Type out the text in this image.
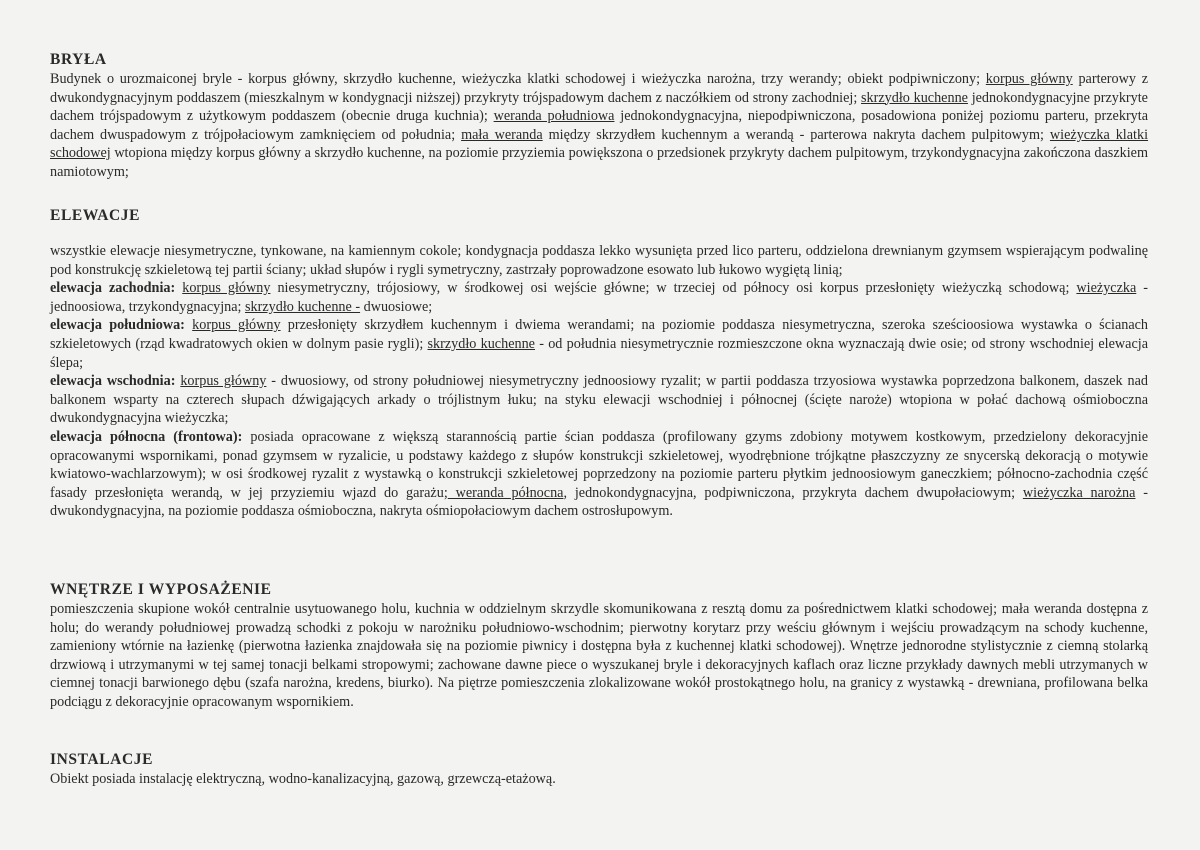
BRYŁA

Budynek o urozmaiconej bryle - korpus główny, skrzydło kuchenne, wieżyczka klatki schodowej i wieżyczka narożna, trzy werandy; obiekt podpiwniczony; korpus główny parterowy z dwukondygnacyjnym poddaszem (mieszkalnym w kondygnacji niższej) przykryty trójspadowym dachem z naczółkiem od strony zachodniej; skrzydło kuchenne jednokondygnacyjne przykryte dachem trójspadowym z użytkowym poddaszem (obecnie druga kuchnia); weranda południowa jednokondygnacyjna, niepodpiwniczona, posadowiona poniżej poziomu parteru, przekryta dachem dwuspadowym z trójpołaciowym zamknięciem od południa; mała weranda między skrzydłem kuchennym a werandą - parterowa nakryta dachem pulpitowym; wieżyczka klatki schodowej wtopiona między korpus główny a skrzydło kuchenne, na poziomie przyziemia powiększona o przedsionek przykryty dachem pulpitowym, trzykondygnacyjna zakończona daszkiem namiotowym;

ELEWACJE

wszystkie elewacje niesymetryczne, tynkowane, na kamiennym cokole; kondygnacja poddasza lekko wysunięta przed lico parteru, oddzielona drewnianym gzymsem wspierającym podwalinę pod konstrukcję szkieletową tej partii ściany; układ słupów i rygli symetryczny, zastrzały poprowadzone esowato lub łukowo wygiętą linią;

elewacja zachodnia: korpus główny niesymetryczny, trójosiowy, w środkowej osi wejście główne; w trzeciej od północy osi korpus przesłonięty wieżyczką schodową; wieżyczka - jednoosiowa, trzykondygnacyjna; skrzydło kuchenne - dwuosiowe;

elewacja południowa: korpus główny przesłonięty skrzydłem kuchennym i dwiema werandami; na poziomie poddasza niesymetryczna, szeroka sześcioosiowa wystawka o ścianach szkieletowych (rząd kwadratowych okien w dolnym pasie rygli); skrzydło kuchenne - od południa niesymetrycznie rozmieszczone okna wyznaczają dwie osie; od strony wschodniej elewacja ślepa;

elewacja wschodnia: korpus główny - dwuosiowy, od strony południowej niesymetryczny jednoosiowy ryzalit; w partii poddasza trzyosiowa wystawka poprzedzona balkonem, daszek nad balkonem wsparty na czterech słupach dźwigających arkady o trójlistnym łuku; na styku elewacji wschodniej i północnej (ścięte naroże) wtopiona w połać dachową ośmioboczna dwukondygnacyjna wieżyczka;

elewacja północna (frontowa): posiada opracowane z większą starannością partie ścian poddasza (profilowany gzyms zdobiony motywem kostkowym, przedzielony dekoracyjnie opracowanymi wspornikami, ponad gzymsem w ryzalicie, u podstawy każdego z słupów konstrukcji szkieletowej, wyodrębnione trójkątne płaszczyzny ze snycerską dekoracją o motywie kwiatowo-wachlarzowym); w osi środkowej ryzalit z wystawką o konstrukcji szkieletowej poprzedzony na poziomie parteru płytkim jednoosiowym ganeczkiem; północno-zachodnia część fasady przesłonięta werandą, w jej przyziemiu wjazd do garażu; weranda północna, jednokondygnacyjna, podpiwniczona, przykryta dachem dwupołaciowym; wieżyczka narożna - dwukondygnacyjna, na poziomie poddasza ośmioboczna, nakryta ośmiopołaciowym dachem ostrosłupowym.

WNĘTRZE I WYPOSAŻENIE

pomieszczenia skupione wokół centralnie usytuowanego holu, kuchnia w oddzielnym skrzydle skomunikowana z resztą domu za pośrednictwem klatki schodowej; mała weranda dostępna z holu; do werandy południowej prowadzą schodki z pokoju w narożniku południowo-wschodnim; pierwotny korytarz przy weściu głównym i wejściu prowadzącym na schody kuchenne, zamieniony wtórnie na łazienkę (pierwotna łazienka znajdowała się na poziomie piwnicy i dostępna była z kuchennej klatki schodowej). Wnętrze jednorodne stylistycznie z ciemną stolarką drzwiową i utrzymanymi w tej samej tonacji belkami stropowymi; zachowane dawne piece o wyszukanej bryle i dekoracyjnych kaflach oraz liczne przykłady dawnych mebli utrzymanych w ciemnej tonacji barwionego dębu (szafa narożna, kredens, biurko). Na piętrze pomieszczenia zlokalizowane wokół prostokątnego holu, na granicy z wystawką - drewniana, profilowana belka podciągu z dekoracyjnie opracowanym wspornikiem.

INSTALACJE

Obiekt posiada instalację elektryczną, wodno-kanalizacyjną, gazową, grzewczą-etażową.
